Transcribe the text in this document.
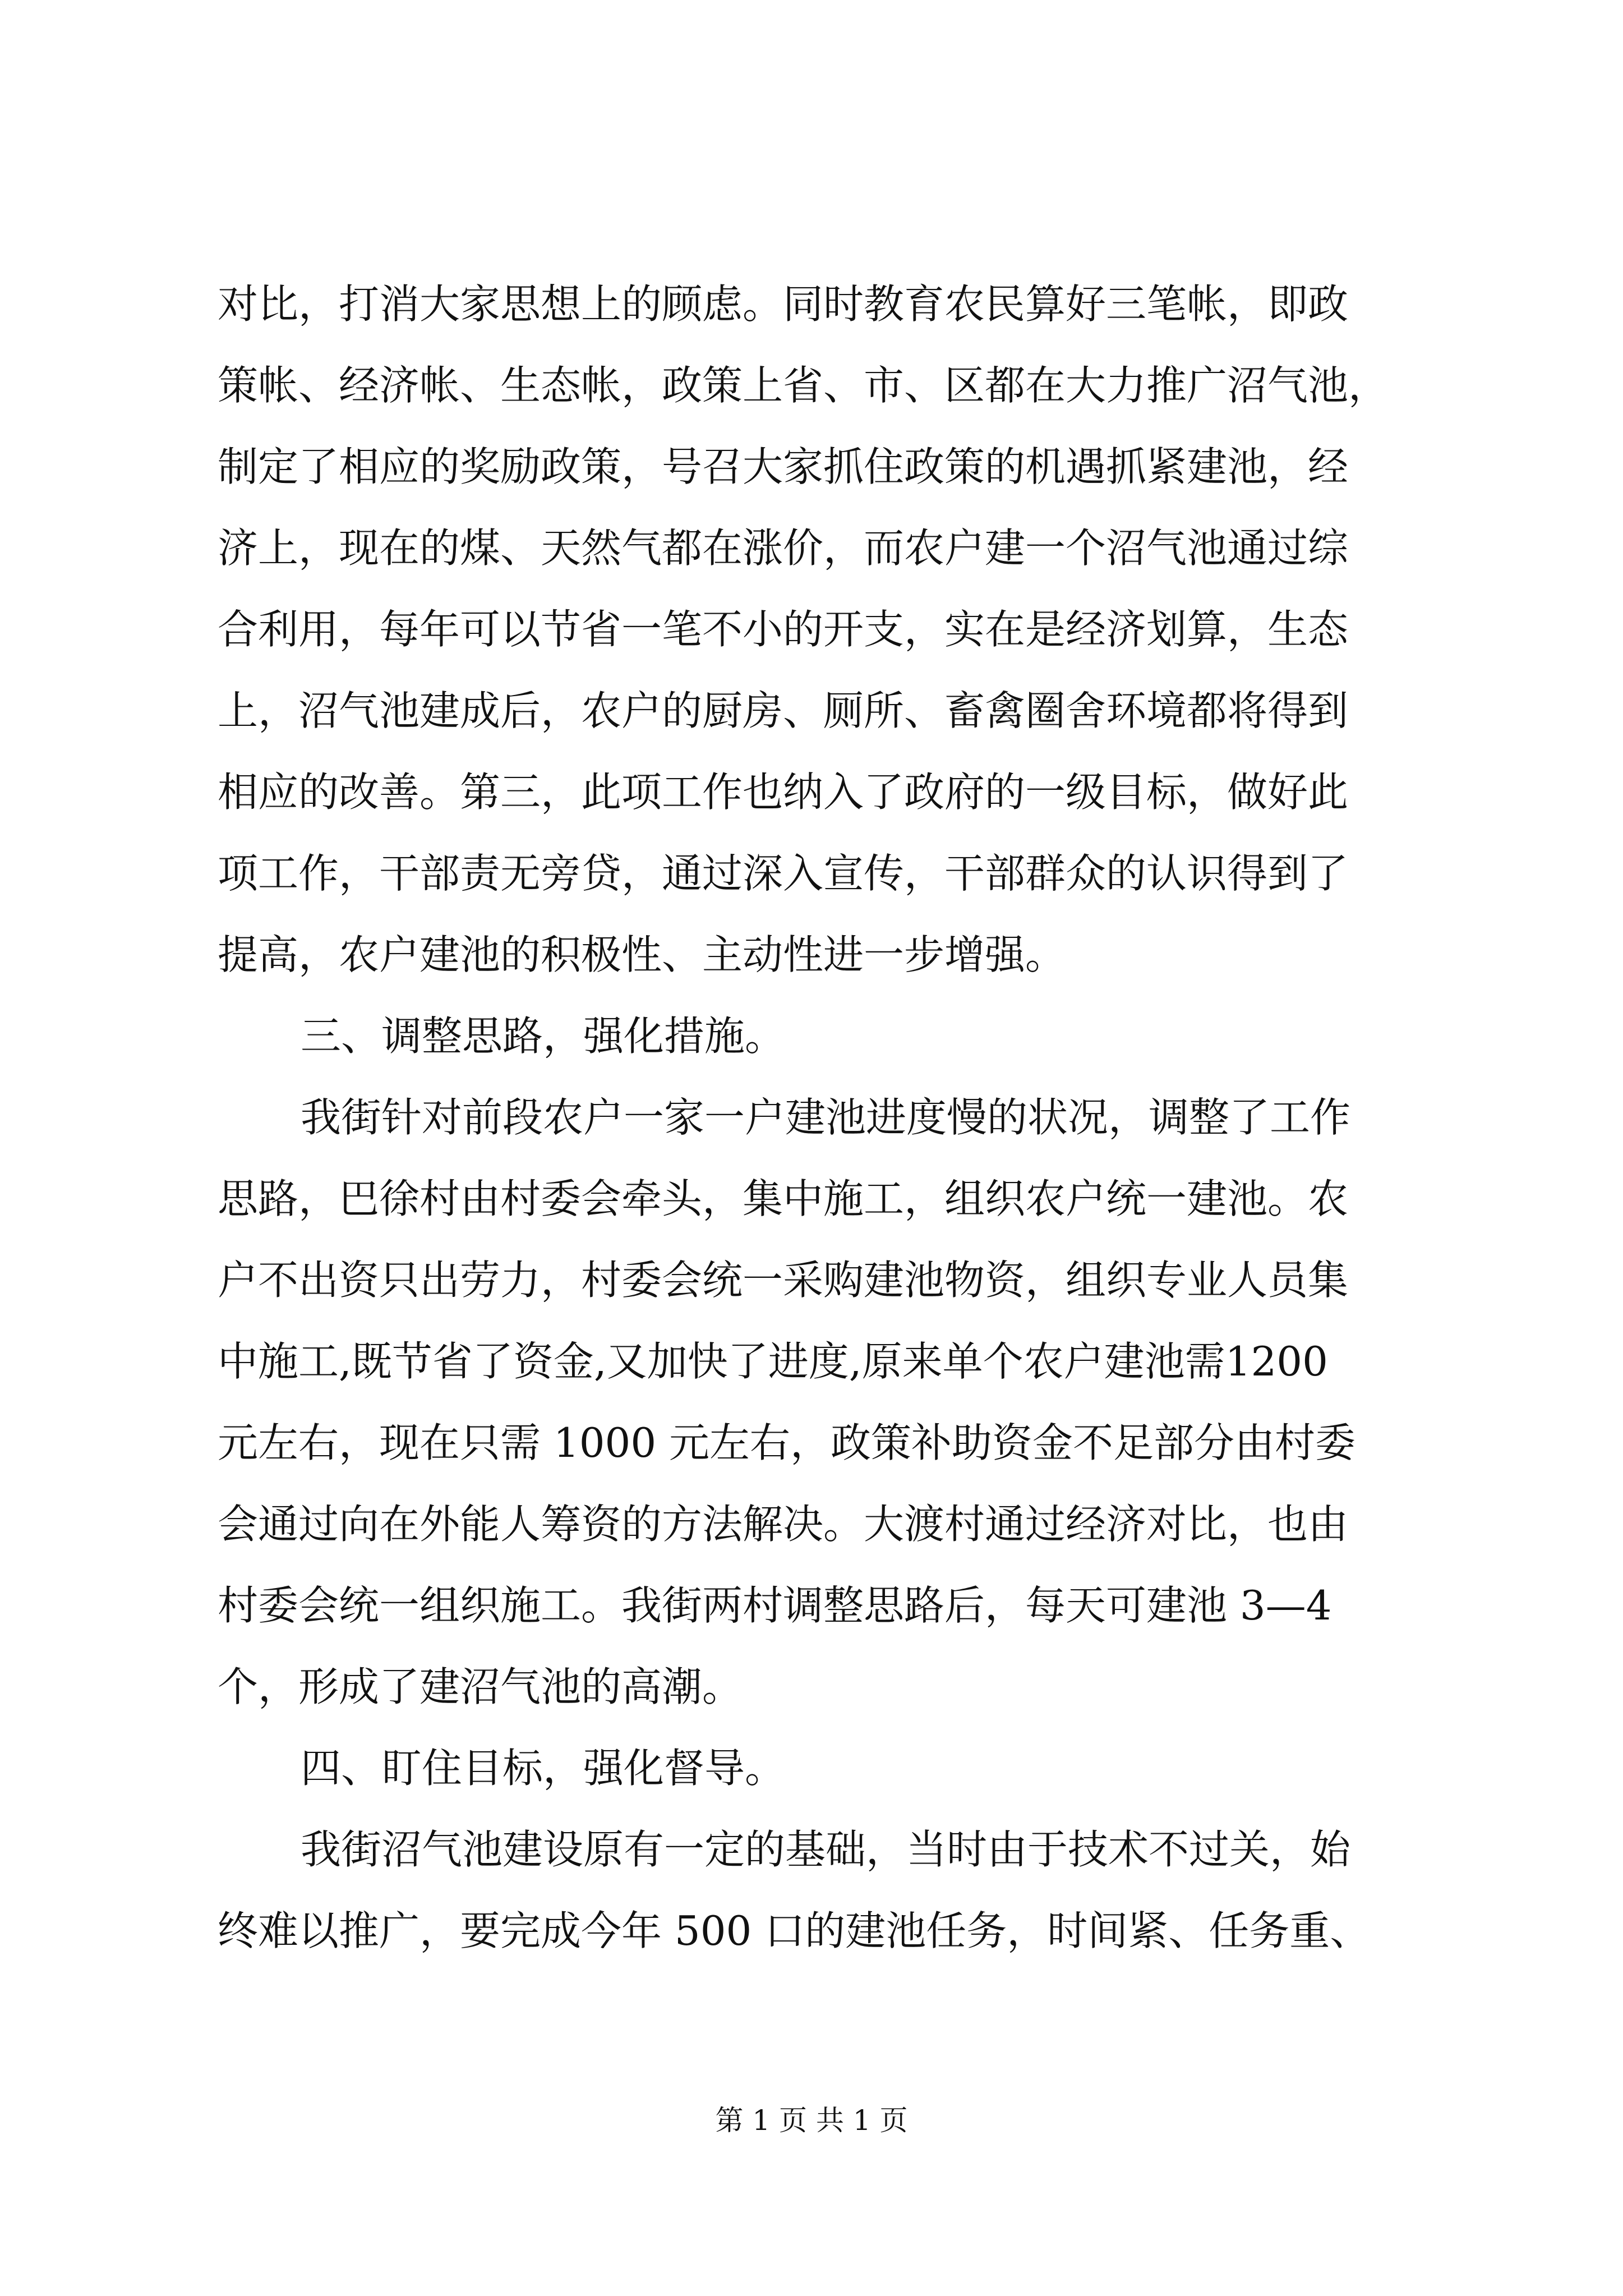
对比，打消大家思想上的顾虑。同时教育农民算好三笔帐，即政
策帐、经济帐、生态帐，政策上省、市、区都在大力推广沼气池，
制定了相应的奖励政策，号召大家抓住政策的机遇抓紧建池，经
济上，现在的煤、天然气都在涨价，而农户建一个沼气池通过综
合利用，每年可以节省一笔不小的开支，实在是经济划算，生态
上，沼气池建成后，农户的厨房、厕所、畜禽圈舍环境都将得到
相应的改善。第三，此项工作也纳入了政府的一级目标，做好此
项工作，干部责无旁贷，通过深入宣传，干部群众的认识得到了
提高，农户建池的积极性、主动性进一步增强。
三、调整思路，强化措施。
我街针对前段农户一家一户建池进度慢的状况，调整了工作
思路，巴徐村由村委会牵头，集中施工，组织农户统一建池。农
户不出资只出劳力，村委会统一采购建池物资，组织专业人员集
中施工,既节省了资金,又加快了进度,原来单个农户建池需1200
元左右，现在只需 1000 元左右，政策补助资金不足部分由村委
会通过向在外能人筹资的方法解决。大渡村通过经济对比，也由
村委会统一组织施工。我街两村调整思路后，每天可建池 3—4
个，形成了建沼气池的高潮。
四、盯住目标，强化督导。
我街沼气池建设原有一定的基础，当时由于技术不过关，始
终难以推广，要完成今年 500 口的建池任务，时间紧、任务重、
第 1 页 共 1 页
